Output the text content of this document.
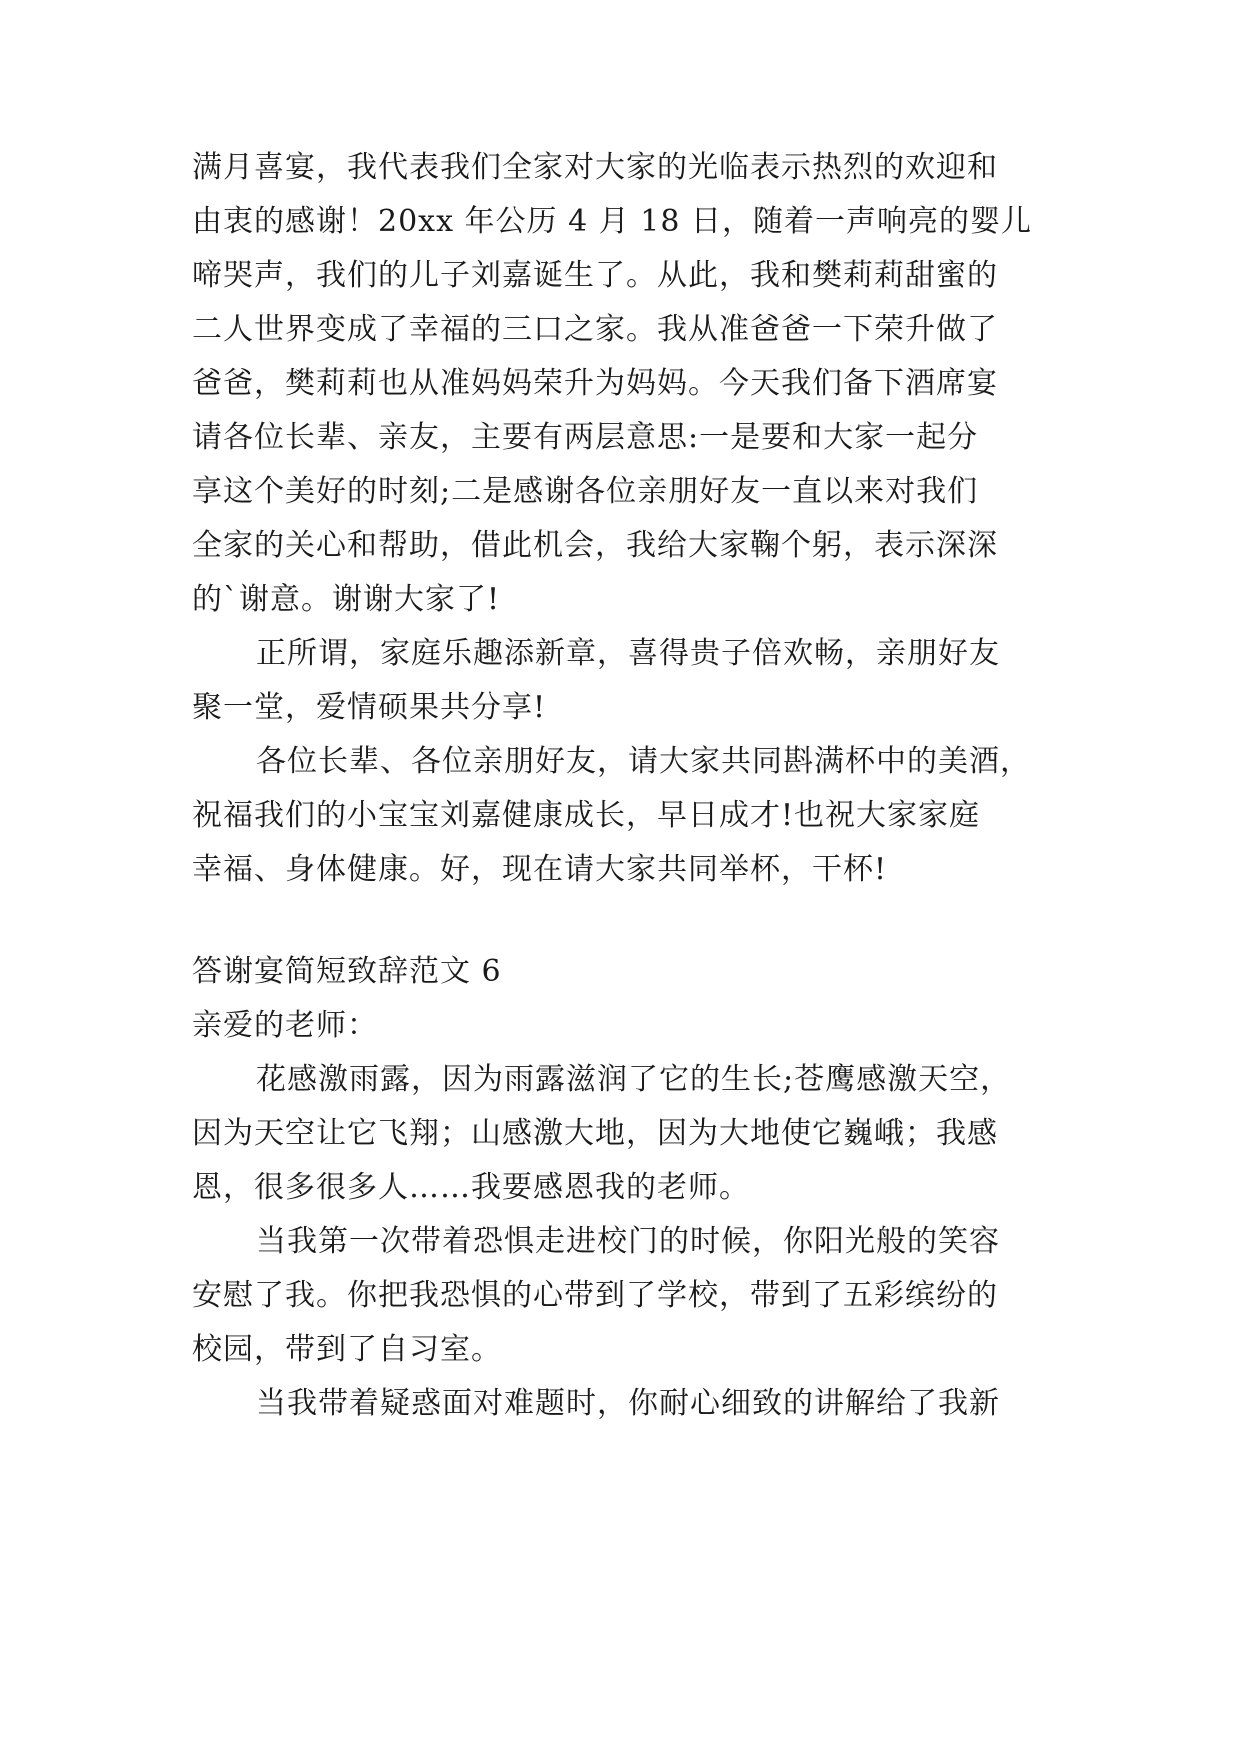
满月喜宴，我代表我们全家对大家的光临表示热烈的欢迎和
由衷的感谢！20xx 年公历 4 月 18 日，随着一声响亮的婴儿
啼哭声，我们的儿子刘嘉诞生了。从此，我和樊莉莉甜蜜的
二人世界变成了幸福的三口之家。我从准爸爸一下荣升做了
爸爸，樊莉莉也从准妈妈荣升为妈妈。今天我们备下酒席宴
请各位长辈、亲友，主要有两层意思:一是要和大家一起分
享这个美好的时刻;二是感谢各位亲朋好友一直以来对我们
全家的关心和帮助，借此机会，我给大家鞠个躬，表示深深
的`谢意。谢谢大家了!
正所谓，家庭乐趣添新章，喜得贵子倍欢畅，亲朋好友
聚一堂，爱情硕果共分享!
各位长辈、各位亲朋好友，请大家共同斟满杯中的美酒，
祝福我们的小宝宝刘嘉健康成长，早日成才!也祝大家家庭
幸福、身体健康。好，现在请大家共同举杯，干杯!
答谢宴简短致辞范文 6
亲爱的老师：
花感激雨露，因为雨露滋润了它的生长;苍鹰感激天空，
因为天空让它飞翔；山感激大地，因为大地使它巍峨；我感
恩，很多很多人……我要感恩我的老师。
当我第一次带着恐惧走进校门的时候，你阳光般的笑容
安慰了我。你把我恐惧的心带到了学校，带到了五彩缤纷的
校园，带到了自习室。
当我带着疑惑面对难题时，你耐心细致的讲解给了我新
